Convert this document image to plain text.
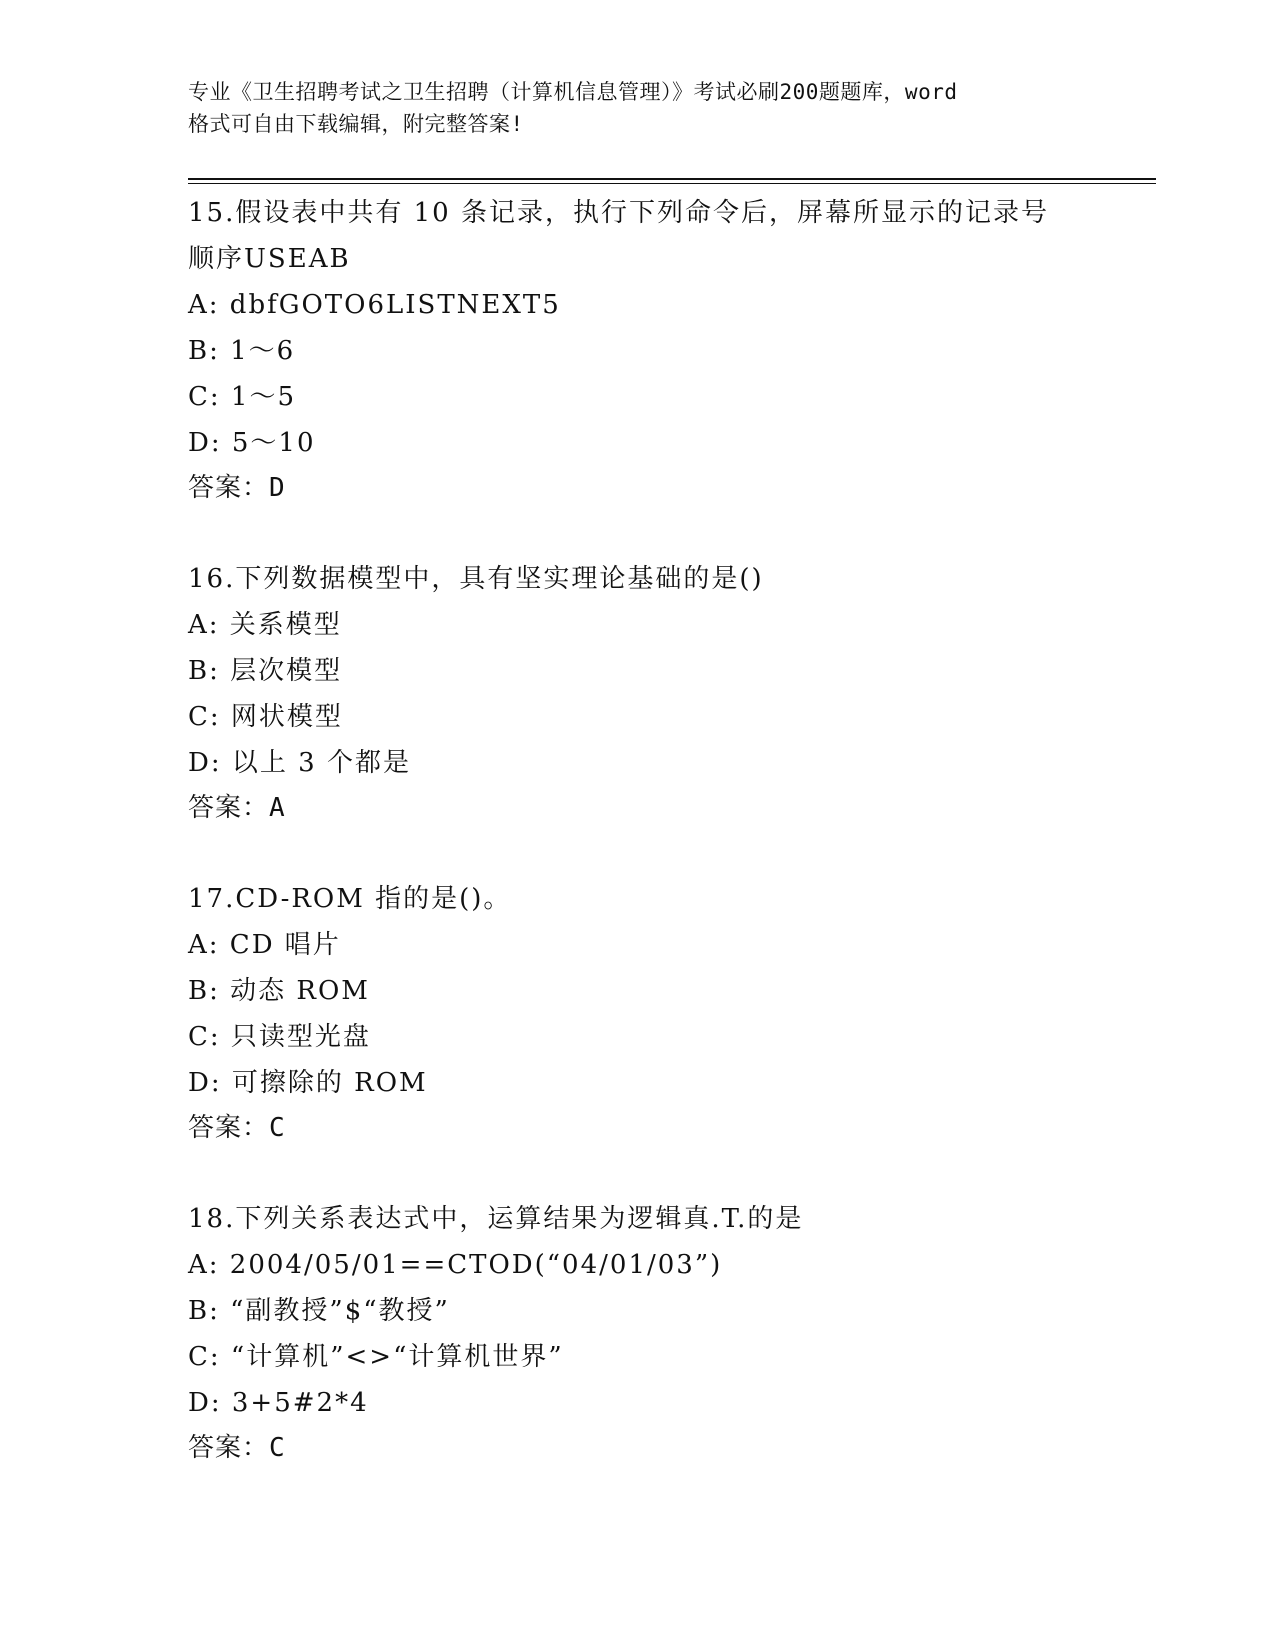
专业《卫生招聘考试之卫生招聘（计算机信息管理）》考试必刷200题题库，word
格式可自由下载编辑，附完整答案!
15.假设表中共有 10 条记录，执行下列命令后，屏幕所显示的记录号
顺序USEAB
A: dbfGOTO6LISTNEXT5
B: 1～6
C: 1～5
D: 5～10
答案：D
16.下列数据模型中，具有坚实理论基础的是()
A: 关系模型
B: 层次模型
C: 网状模型
D: 以上 3 个都是
答案：A
17.CD-ROM 指的是()。
A: CD 唱片
B: 动态 ROM
C: 只读型光盘
D: 可擦除的 ROM
答案：C
18.下列关系表达式中，运算结果为逻辑真.T.的是
A: 2004/05/01==CTOD(“04/01/03”)
B: “副教授”$“教授”
C: “计算机”<>“计算机世界”
D: 3+5#2*4
答案：C
